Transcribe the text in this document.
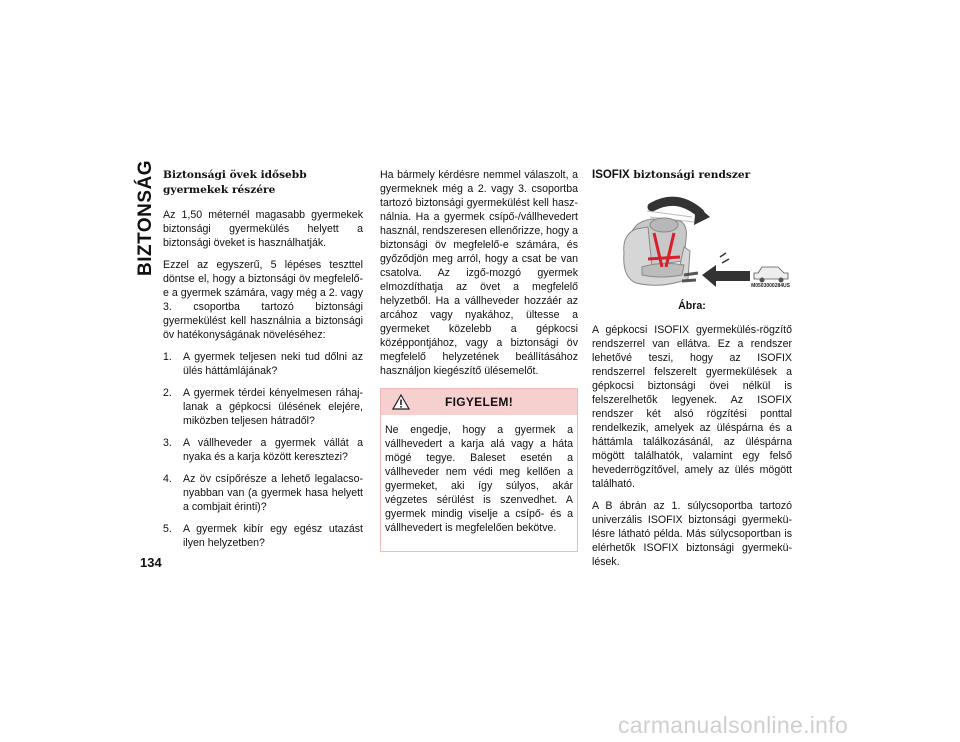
BIZTONSÁG
134
Biztonsági övek idősebb gyermekek részére

Az 1,50 méternél magasabb gyermekek biztonsági gyermekülés helyett a biztonsági öveket is használhatják.

Ezzel az egyszerű, 5 lépéses teszttel döntse el, hogy a biztonsági öv megfelelő-e a gyermek számára, vagy még a 2. vagy 3. csoportba tartozó biztonsági gyermekülést kell használnia a biztonsági öv hatékonyságának növeléséhez:

1. A gyermek teljesen neki tud dőlni az ülés háttámlájának?
2. A gyermek térdei kényelmesen ráhajlanak a gépkocsi ülésének elejére, miközben teljesen hátradől?
3. A vállheveder a gyermek vállát a nyaka és a karja között keresztezi?
4. Az öv csípőrésze a lehető legalacsonyabban van (a gyermek hasa helyett a combjait érinti)?
5. A gyermek kibír egy egész utazást ilyen helyzetben?

Ha bármely kérdésre nemmel válaszolt, a gyermeknek még a 2. vagy 3. csoportba tartozó biztonsági gyermekülést kell használnia. Ha a gyermek csípő-/vállhevedert használ, rendszeresen ellenőrizze, hogy a biztonsági öv megfelelő-e számára, és győződjön meg arról, hogy a csat be van csatolva. Az izgő-mozgó gyermek elmozdíthatja az övet a megfelelő helyzetből. Ha a vállheveder hozzáér az arcához vagy nyakához, ültesse a gyermeket közelebb a gépkocsi középpontjához, vagy a biztonsági öv megfelelő helyzetének beállításához használjon kiegészítő ülésemelőt.

FIGYELEM!

Ne engedje, hogy a gyermek a vállhevedert a karja alá vagy a háta mögé tegye. Baleset esetén a vállheveder nem védi meg kellően a gyermeket, aki így súlyos, akár végzetes sérülést is szenvedhet. A gyermek mindig viselje a csípő- és a vállhevedert is megfelelően bekötve.

ISOFIX biztonsági rendszer
M0503000284US
Ábra:

A gépkocsi ISOFIX gyermekülés-rögzítő rendszerrel van ellátva. Ez a rendszer lehetővé teszi, hogy az ISOFIX rendszerrel felszerelt gyermekülések a gépkocsi biztonsági övei nélkül is felszerelhetők legyenek. Az ISOFIX rendszer két alsó rögzítési ponttal rendelkezik, amelyek az üléspárna és a háttámla találkozásánál, az üléspárna mögött találhatók, valamint egy felső hevederrögzítővel, amely az ülés mögött található.

A B ábrán az 1. súlycsoportba tartozó univerzális ISOFIX biztonsági gyermekülésre látható példa. Más súlycsoportban is elérhetők ISOFIX biztonsági gyermekülések.

carmanualsonline.info
